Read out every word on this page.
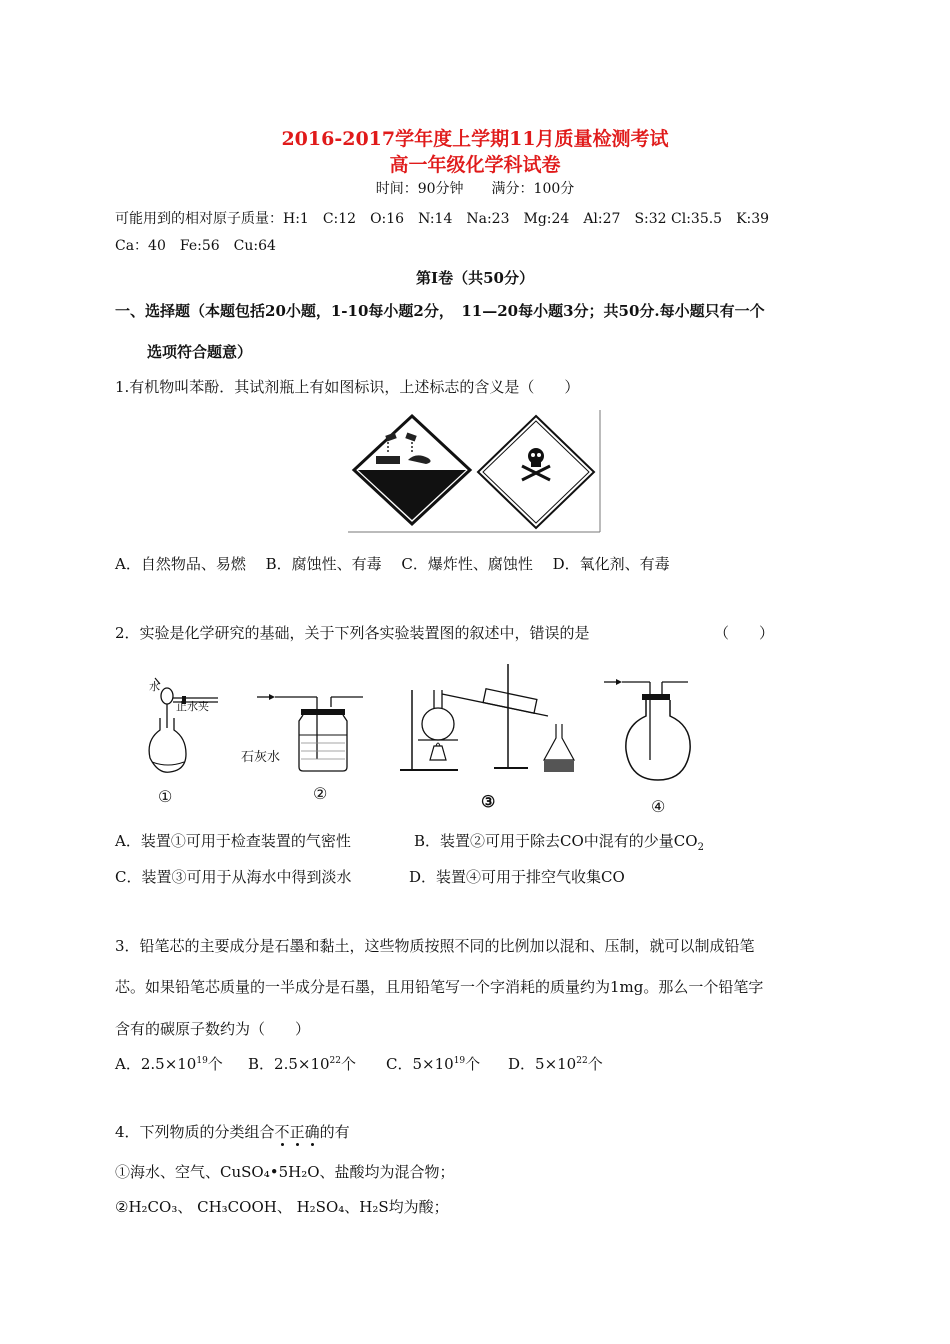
2016-2017学年度上学期11月质量检测考试
高一年级化学科试卷
时间：90分钟　　满分：100分
可能用到的相对原子质量：H:1　C:12　O:16　N:14　Na:23　Mg:24　Al:27　S:32 Cl:35.5　K:39
Ca：40　Fe:56　Cu:64
第Ⅰ卷（共50分）
一、选择题（本题包括20小题，1-10每小题2分，　11—20每小题3分；共50分.每小题只有一个
选项符合题意）
1.有机物叫苯酚．其试剂瓶上有如图标识，上述标志的含义是（　　）
A．自然物品、易燃　 B．腐蚀性、有毒　 C．爆炸性、腐蚀性　 D．氧化剂、有毒
2．实验是化学研究的基础，关于下列各实验装置图的叙述中，错误的是	（　　）
水
止水夹
石灰水
①	②	③	④
A．装置①可用于检查装置的气密性	B．装置②可用于除去CO中混有的少量$CO_2$
C．装置③可用于从海水中得到淡水	D．装置④可用于排空气收集CO
3．铅笔芯的主要成分是石墨和黏土，这些物质按照不同的比例加以混和、压制，就可以制成铅笔
芯。如果铅笔芯质量的一半成分是石墨，且用铅笔写一个字消耗的质量约为1mg。那么一个铅笔字
含有的碳原子数约为（　　）
A．$2.5\times 10^{19}$个 B．$2.5\times 10^{22}$个 C．$5\times 10^{19}$个 D．$5\times 10^{22}$个
4．下列物质的分类组合不正确的有
①海水、空气、CuSO₄•5H₂O、盐酸均为混合物；
②H₂CO₃、 CH₃COOH、 H₂SO₄、H₂S均为酸；
